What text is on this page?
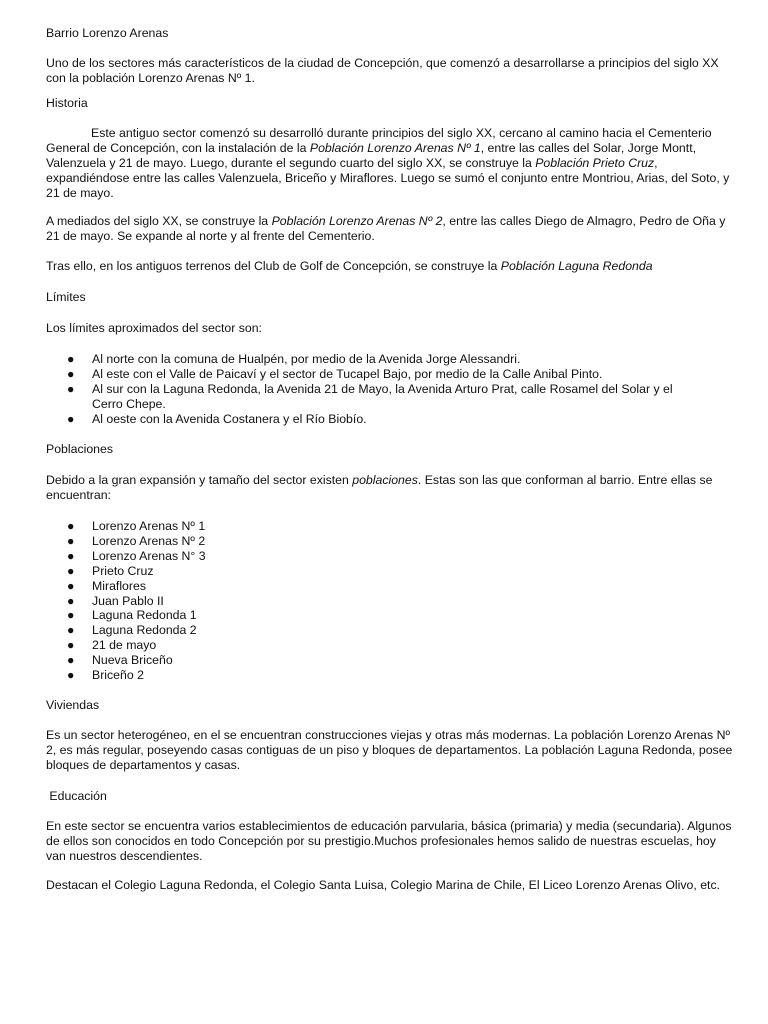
Barrio Lorenzo Arenas

Uno de los sectores más característicos de la ciudad de Concepción, que comenzó a desarrollarse a principios del siglo XX con la población Lorenzo Arenas Nº 1.

Historia

Este antiguo sector comenzó su desarrolló durante principios del siglo XX, cercano al camino hacia el Cementerio General de Concepción, con la instalación de la Población Lorenzo Arenas Nº 1, entre las calles del Solar, Jorge Montt, Valenzuela y 21 de mayo. Luego, durante el segundo cuarto del siglo XX, se construye la Población Prieto Cruz, expandiéndose entre las calles Valenzuela, Briceño y Miraflores. Luego se sumó el conjunto entre Montriou, Arias, del Soto, y 21 de mayo.

A mediados del siglo XX, se construye la Población Lorenzo Arenas Nº 2, entre las calles Diego de Almagro, Pedro de Oña y 21 de mayo. Se expande al norte y al frente del Cementerio.

Tras ello, en los antiguos terrenos del Club de Golf de Concepción, se construye la Población Laguna Redonda

Límites

Los límites aproximados del sector son:

● Al norte con la comuna de Hualpén, por medio de la Avenida Jorge Alessandri.
● Al este con el Valle de Paicaví y el sector de Tucapel Bajo, por medio de la Calle Anibal Pinto.
● Al sur con la Laguna Redonda, la Avenida 21 de Mayo, la Avenida Arturo Prat, calle Rosamel del Solar y el Cerro Chepe.
● Al oeste con la Avenida Costanera y el Río Biobío.

Poblaciones

Debido a la gran expansión y tamaño del sector existen poblaciones. Estas son las que conforman al barrio. Entre ellas se encuentran:

● Lorenzo Arenas Nº 1
● Lorenzo Arenas Nº 2
● Lorenzo Arenas N° 3
● Prieto Cruz
● Miraflores
● Juan Pablo II
● Laguna Redonda 1
● Laguna Redonda 2
● 21 de mayo
● Nueva Briceño
● Briceño 2

Viviendas

Es un sector heterogéneo, en el se encuentran construcciones viejas y otras más modernas. La población Lorenzo Arenas Nº 2, es más regular, poseyendo casas contiguas de un piso y bloques de departamentos. La población Laguna Redonda, posee bloques de departamentos y casas.

Educación

En este sector se encuentra varios establecimientos de educación parvularia, básica (primaria) y media (secundaria). Algunos de ellos son conocidos en todo Concepción por su prestigio.Muchos profesionales hemos salido de nuestras escuelas, hoy van nuestros descendientes.

Destacan el Colegio Laguna Redonda, el Colegio Santa Luisa, Colegio Marina de Chile, El Liceo Lorenzo Arenas Olivo, etc.
